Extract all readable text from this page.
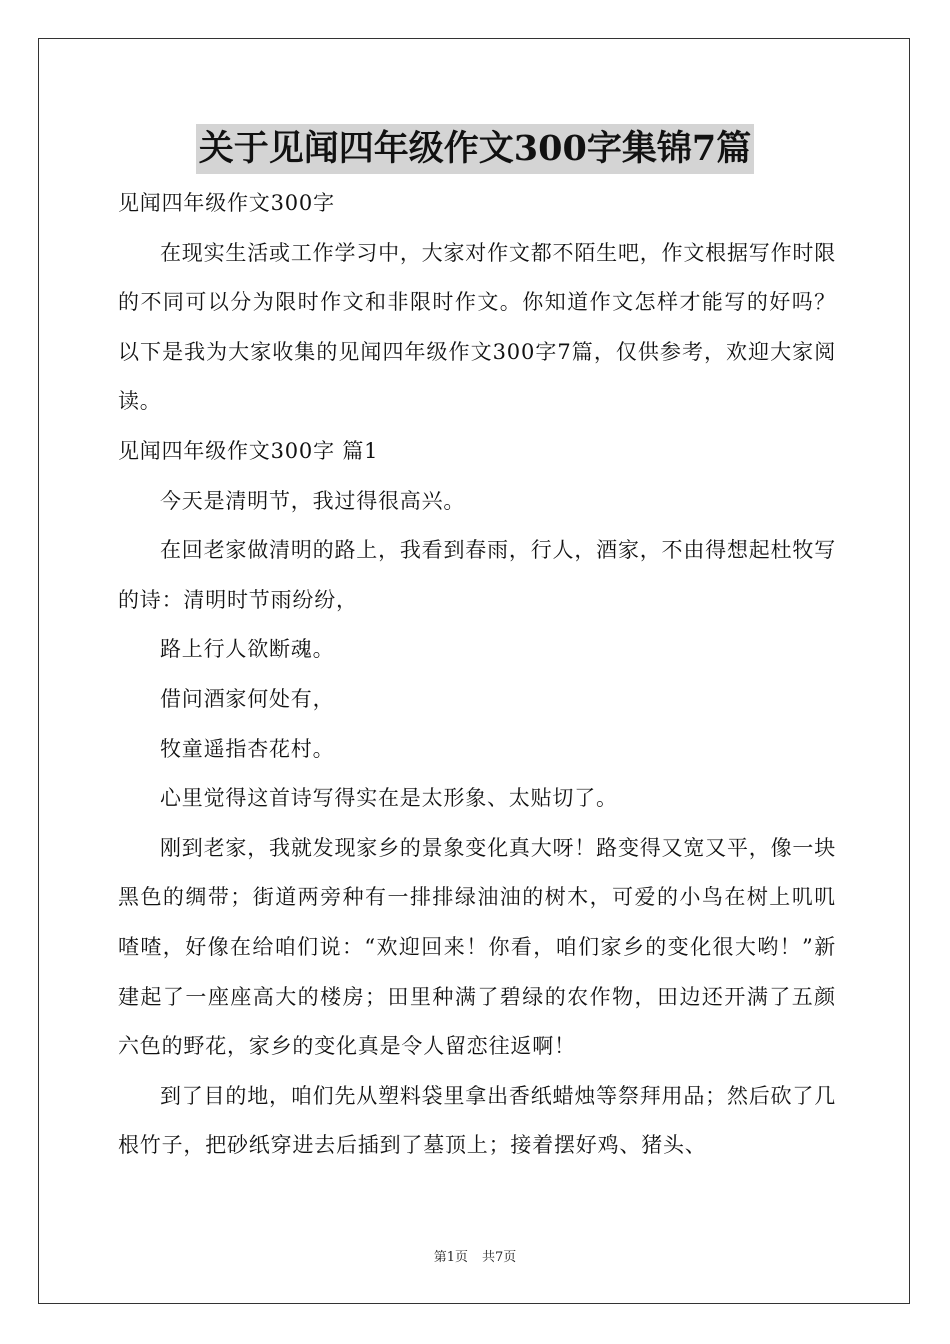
关于见闻四年级作文300字集锦7篇

见闻四年级作文300字

在现实生活或工作学习中，大家对作文都不陌生吧，作文根据写作时限的不同可以分为限时作文和非限时作文。你知道作文怎样才能写的好吗？以下是我为大家收集的见闻四年级作文300字7篇，仅供参考，欢迎大家阅读。

见闻四年级作文300字 篇1

今天是清明节，我过得很高兴。

在回老家做清明的路上，我看到春雨，行人，酒家，不由得想起杜牧写的诗：清明时节雨纷纷，

路上行人欲断魂。

借问酒家何处有，

牧童遥指杏花村。

心里觉得这首诗写得实在是太形象、太贴切了。

刚到老家，我就发现家乡的景象变化真大呀！路变得又宽又平，像一块黑色的绸带；街道两旁种有一排排绿油油的树木，可爱的小鸟在树上叽叽喳喳，好像在给咱们说：“欢迎回来！你看，咱们家乡的变化很大哟！”新建起了一座座高大的楼房；田里种满了碧绿的农作物，田边还开满了五颜六色的野花，家乡的变化真是令人留恋往返啊！

到了目的地，咱们先从塑料袋里拿出香纸蜡烛等祭拜用品；然后砍了几根竹子，把砂纸穿进去后插到了墓顶上；接着摆好鸡、猪头、

第1页 共7页
